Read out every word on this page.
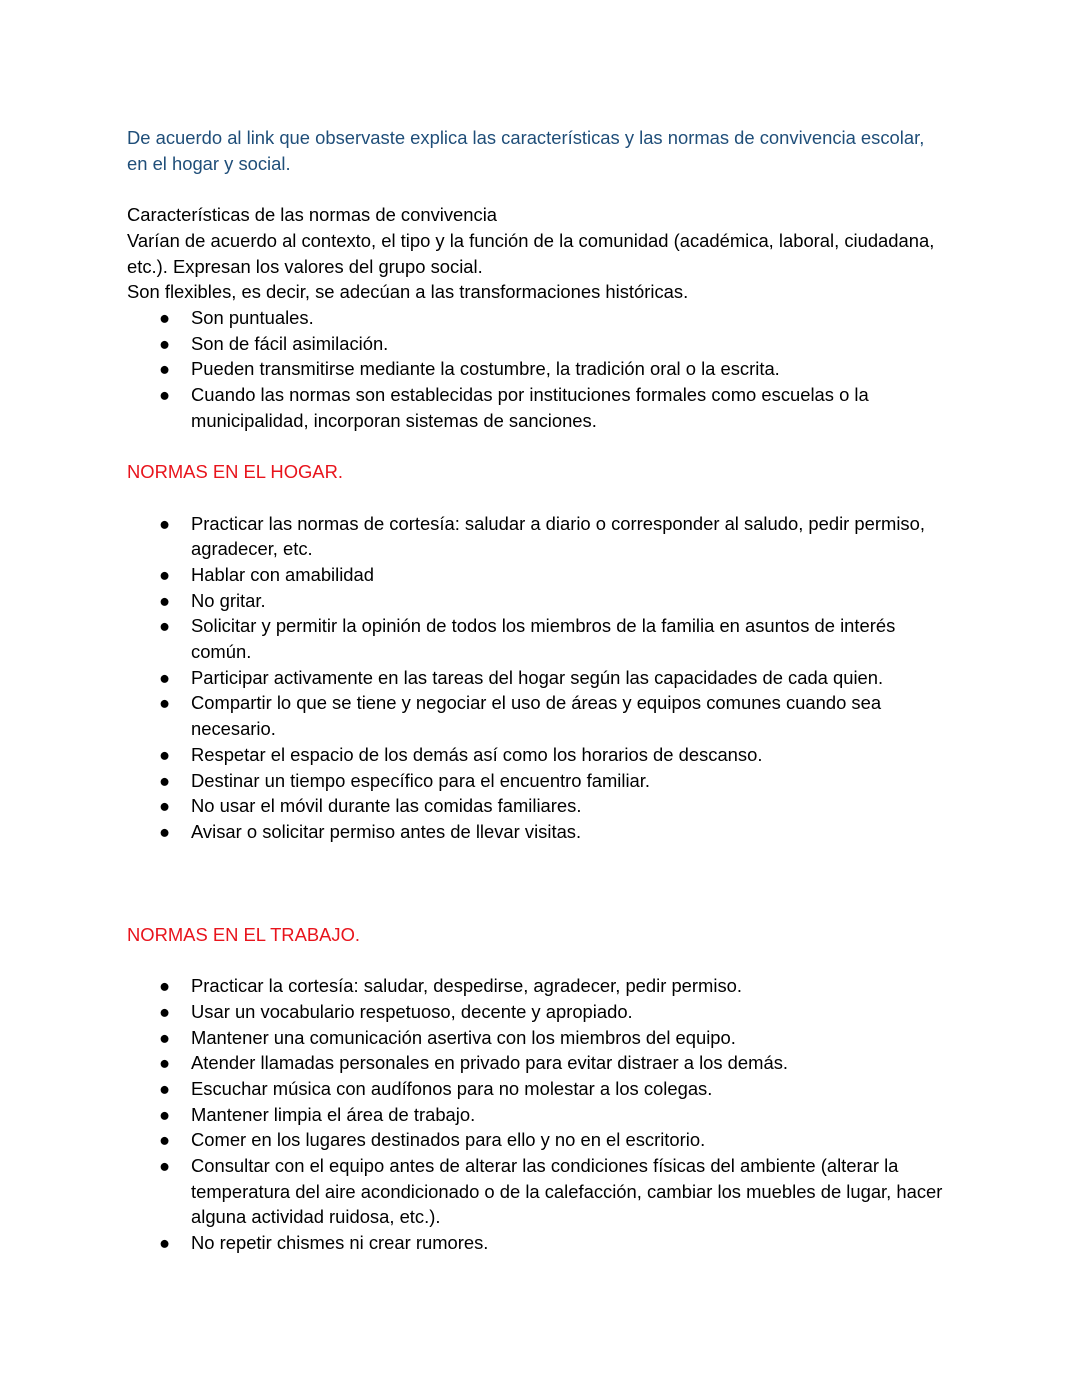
De acuerdo al link que observaste explica las características y las normas de convivencia escolar, en el hogar y social.

Características de las normas de convivencia

Varían de acuerdo al contexto, el tipo y la función de la comunidad (académica, laboral, ciudadana, etc.). Expresan los valores del grupo social.

Son flexibles, es decir, se adecúan a las transformaciones históricas.

● Son puntuales.
● Son de fácil asimilación.
● Pueden transmitirse mediante la costumbre, la tradición oral o la escrita.
● Cuando las normas son establecidas por instituciones formales como escuelas o la municipalidad, incorporan sistemas de sanciones.

NORMAS EN EL HOGAR.

● Practicar las normas de cortesía: saludar a diario o corresponder al saludo, pedir permiso, agradecer, etc.
● Hablar con amabilidad
● No gritar.
● Solicitar y permitir la opinión de todos los miembros de la familia en asuntos de interés común.
● Participar activamente en las tareas del hogar según las capacidades de cada quien.
● Compartir lo que se tiene y negociar el uso de áreas y equipos comunes cuando sea necesario.
● Respetar el espacio de los demás así como los horarios de descanso.
● Destinar un tiempo específico para el encuentro familiar.
● No usar el móvil durante las comidas familiares.
● Avisar o solicitar permiso antes de llevar visitas.

NORMAS EN EL TRABAJO.

● Practicar la cortesía: saludar, despedirse, agradecer, pedir permiso.
● Usar un vocabulario respetuoso, decente y apropiado.
● Mantener una comunicación asertiva con los miembros del equipo.
● Atender llamadas personales en privado para evitar distraer a los demás.
● Escuchar música con audífonos para no molestar a los colegas.
● Mantener limpia el área de trabajo.
● Comer en los lugares destinados para ello y no en el escritorio.
● Consultar con el equipo antes de alterar las condiciones físicas del ambiente (alterar la temperatura del aire acondicionado o de la calefacción, cambiar los muebles de lugar, hacer alguna actividad ruidosa, etc.).
● No repetir chismes ni crear rumores.
